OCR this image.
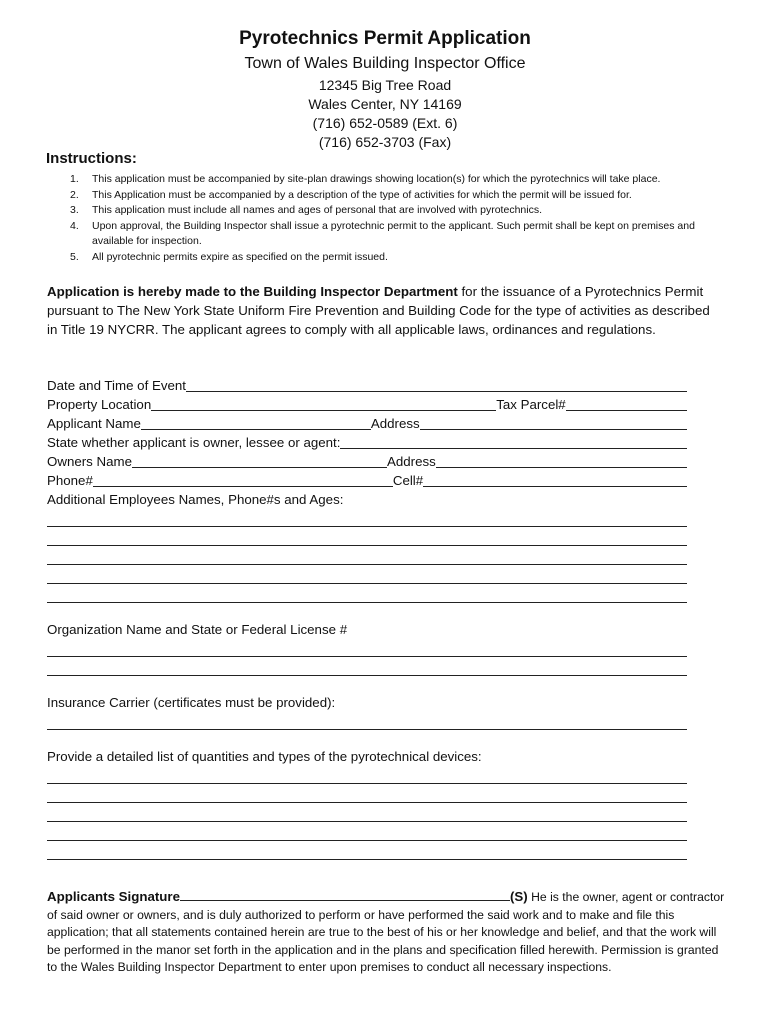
Pyrotechnics Permit Application

Town of Wales Building Inspector Office

12345 Big Tree Road

Wales Center, NY 14169

(716) 652-0589 (Ext. 6)

(716) 652-3703 (Fax)

Instructions:

1. This application must be accompanied by site-plan drawings showing location(s) for which the pyrotechnics will take place.
2. This Application must be accompanied by a description of the type of activities for which the permit will be issued for.
3. This application must include all names and ages of personal that are involved with pyrotechnics.
4. Upon approval, the Building Inspector shall issue a pyrotechnic permit to the applicant. Such permit shall be kept on premises and available for inspection.
5. All pyrotechnic permits expire as specified on the permit issued.

Application is hereby made to the Building Inspector Department for the issuance of a Pyrotechnics Permit pursuant to The New York State Uniform Fire Prevention and Building Code for the type of activities as described in Title 19 NYCRR. The applicant agrees to comply with all applicable laws, ordinances and regulations.

Date and Time of Event
Property Location	Tax Parcel#
Applicant Name	Address
State whether applicant is owner, lessee or agent:
Owners Name	Address
Phone#	Cell#
Additional Employees Names, Phone#s and Ages:
Organization Name and State or Federal License #
Insurance Carrier (certificates must be provided):
Provide a detailed list of quantities and types of the pyrotechnical devices:

Applicants Signature	(S) He is the owner, agent or contractor of said owner or owners, and is duly authorized to perform or have performed the said work and to make and file this application; that all statements contained herein are true to the best of his or her knowledge and belief, and that the work will be performed in the manor set forth in the application and in the plans and specification filled herewith. Permission is granted to the Wales Building Inspector Department to enter upon premises to conduct all necessary inspections.
